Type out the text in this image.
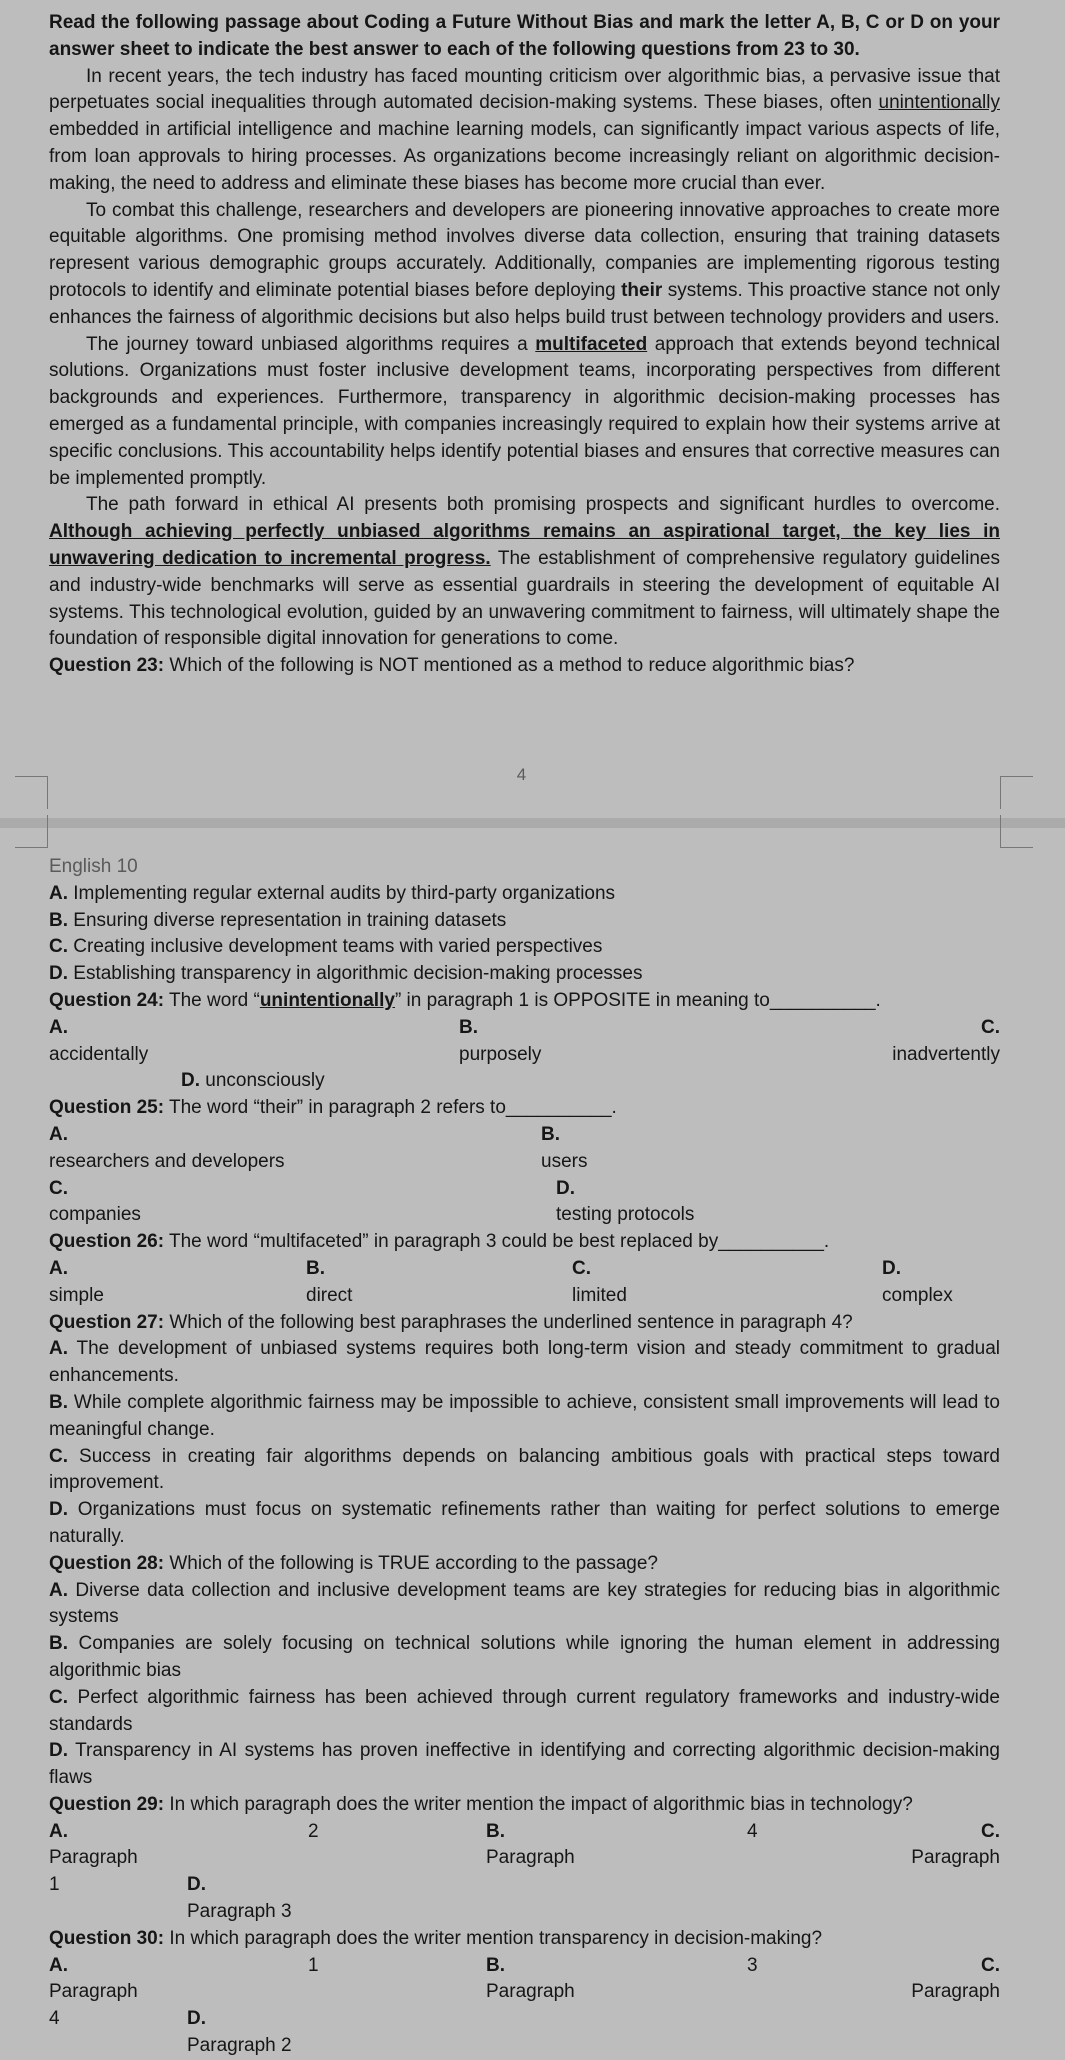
Read the following passage about Coding a Future Without Bias and mark the letter A, B, C or D on your answer sheet to indicate the best answer to each of the following questions from 23 to 30.

In recent years, the tech industry has faced mounting criticism over algorithmic bias, a pervasive issue that perpetuates social inequalities through automated decision-making systems. These biases, often unintentionally embedded in artificial intelligence and machine learning models, can significantly impact various aspects of life, from loan approvals to hiring processes. As organizations become increasingly reliant on algorithmic decision-making, the need to address and eliminate these biases has become more crucial than ever.

To combat this challenge, researchers and developers are pioneering innovative approaches to create more equitable algorithms. One promising method involves diverse data collection, ensuring that training datasets represent various demographic groups accurately. Additionally, companies are implementing rigorous testing protocols to identify and eliminate potential biases before deploying their systems. This proactive stance not only enhances the fairness of algorithmic decisions but also helps build trust between technology providers and users.

The journey toward unbiased algorithms requires a multifaceted approach that extends beyond technical solutions. Organizations must foster inclusive development teams, incorporating perspectives from different backgrounds and experiences. Furthermore, transparency in algorithmic decision-making processes has emerged as a fundamental principle, with companies increasingly required to explain how their systems arrive at specific conclusions. This accountability helps identify potential biases and ensures that corrective measures can be implemented promptly.

The path forward in ethical AI presents both promising prospects and significant hurdles to overcome. Although achieving perfectly unbiased algorithms remains an aspirational target, the key lies in unwavering dedication to incremental progress. The establishment of comprehensive regulatory guidelines and industry-wide benchmarks will serve as essential guardrails in steering the development of equitable AI systems. This technological evolution, guided by an unwavering commitment to fairness, will ultimately shape the foundation of responsible digital innovation for generations to come.

Question 23: Which of the following is NOT mentioned as a method to reduce algorithmic bias?

4

English 10

A. Implementing regular external audits by third-party organizations

B. Ensuring diverse representation in training datasets

C. Creating inclusive development teams with varied perspectives

D. Establishing transparency in algorithmic decision-making processes

Question 24: The word “unintentionally” in paragraph 1 is OPPOSITE in meaning to__________.

A.
accidentally
B.
purposely
C.
inadvertently

D. unconsciously

Question 25: The word “their” in paragraph 2 refers to__________.

A.
researchers and developers
B.
users
C.
companies
D.
testing protocols

Question 26: The word “multifaceted” in paragraph 3 could be best replaced by__________.

A.
simple
B.
direct
C.
limited
D.
complex

Question 27: Which of the following best paraphrases the underlined sentence in paragraph 4?

A. The development of unbiased systems requires both long-term vision and steady commitment to gradual enhancements.

B. While complete algorithmic fairness may be impossible to achieve, consistent small improvements will lead to meaningful change.

C. Success in creating fair algorithms depends on balancing ambitious goals with practical steps toward improvement.

D. Organizations must focus on systematic refinements rather than waiting for perfect solutions to emerge naturally.

Question 28: Which of the following is TRUE according to the passage?

A. Diverse data collection and inclusive development teams are key strategies for reducing bias in algorithmic systems

B. Companies are solely focusing on technical solutions while ignoring the human element in addressing algorithmic bias

C. Perfect algorithmic fairness has been achieved through current regulatory frameworks and industry-wide standards

D. Transparency in AI systems has proven ineffective in identifying and correcting algorithmic decision-making flaws

Question 29: In which paragraph does the writer mention the impact of algorithmic bias in technology?

A.
Paragraph
2	B.
Paragraph
4	C.
Paragraph
1	D.
Paragraph 3

Question 30: In which paragraph does the writer mention transparency in decision-making?

A.
Paragraph
1	B.
Paragraph
3	C.
Paragraph
4	D.
Paragraph 2
